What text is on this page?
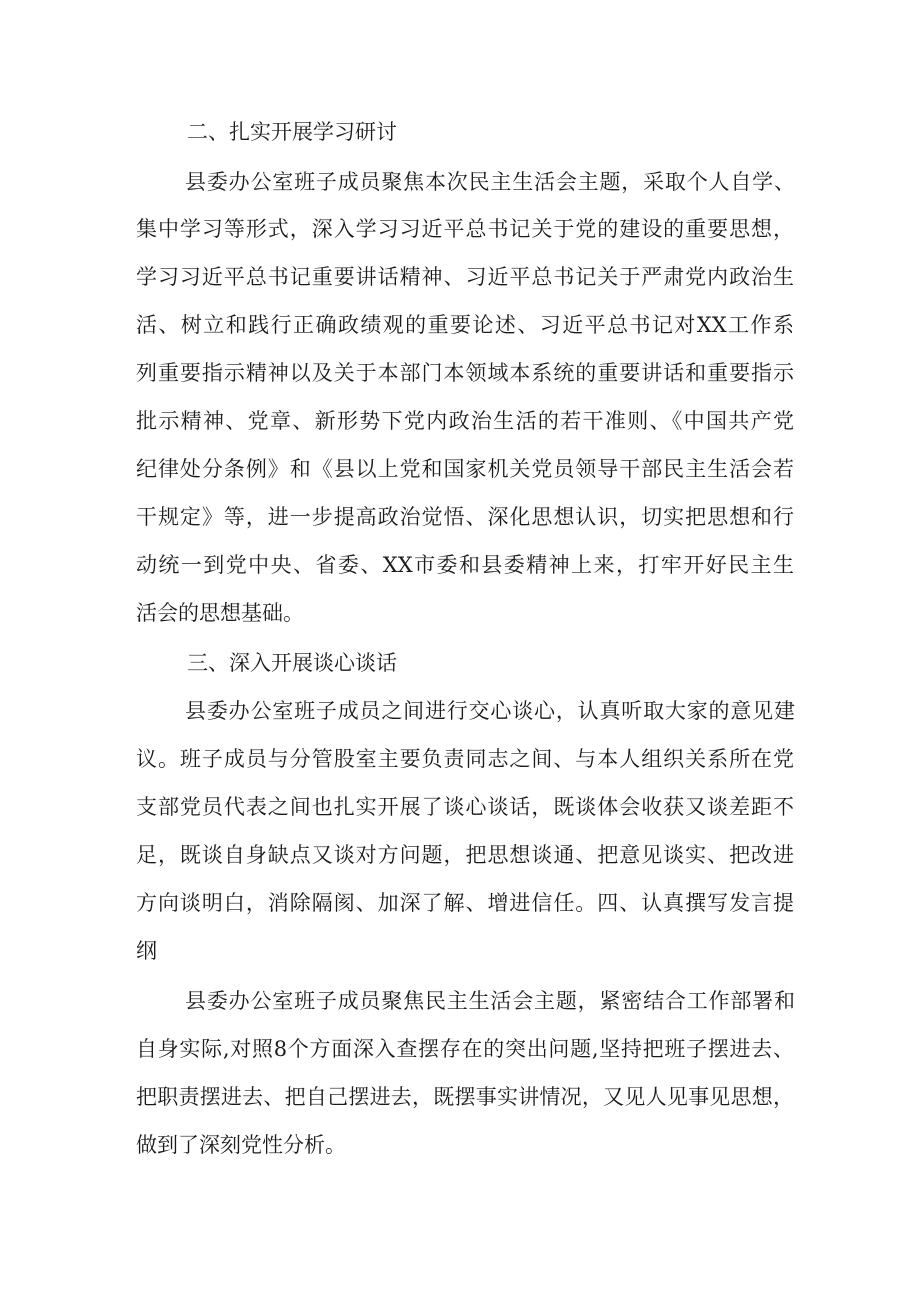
二、扎实开展学习研讨
县委办公室班子成员聚焦本次民主生活会主题，采取个人自学、
集中学习等形式，深入学习习近平总书记关于党的建设的重要思想，
学习习近平总书记重要讲话精神、习近平总书记关于严肃党内政治生
活、树立和践行正确政绩观的重要论述、习近平总书记对XX工作系
列重要指示精神以及关于本部门本领域本系统的重要讲话和重要指示
批示精神、党章、新形势下党内政治生活的若干准则、《中国共产党
纪律处分条例》和《县以上党和国家机关党员领导干部民主生活会若
干规定》等，进一步提高政治觉悟、深化思想认识，切实把思想和行
动统一到党中央、省委、XX市委和县委精神上来，打牢开好民主生
活会的思想基础。
三、深入开展谈心谈话
县委办公室班子成员之间进行交心谈心，认真听取大家的意见建
议。班子成员与分管股室主要负责同志之间、与本人组织关系所在党
支部党员代表之间也扎实开展了谈心谈话，既谈体会收获又谈差距不
足，既谈自身缺点又谈对方问题，把思想谈通、把意见谈实、把改进
方向谈明白，消除隔阂、加深了解、增进信任。四、认真撰写发言提
纲
县委办公室班子成员聚焦民主生活会主题，紧密结合工作部署和
自身实际,对照8个方面深入查摆存在的突出问题,坚持把班子摆进去、
把职责摆进去、把自己摆进去，既摆事实讲情况，又见人见事见思想，
做到了深刻党性分析。
